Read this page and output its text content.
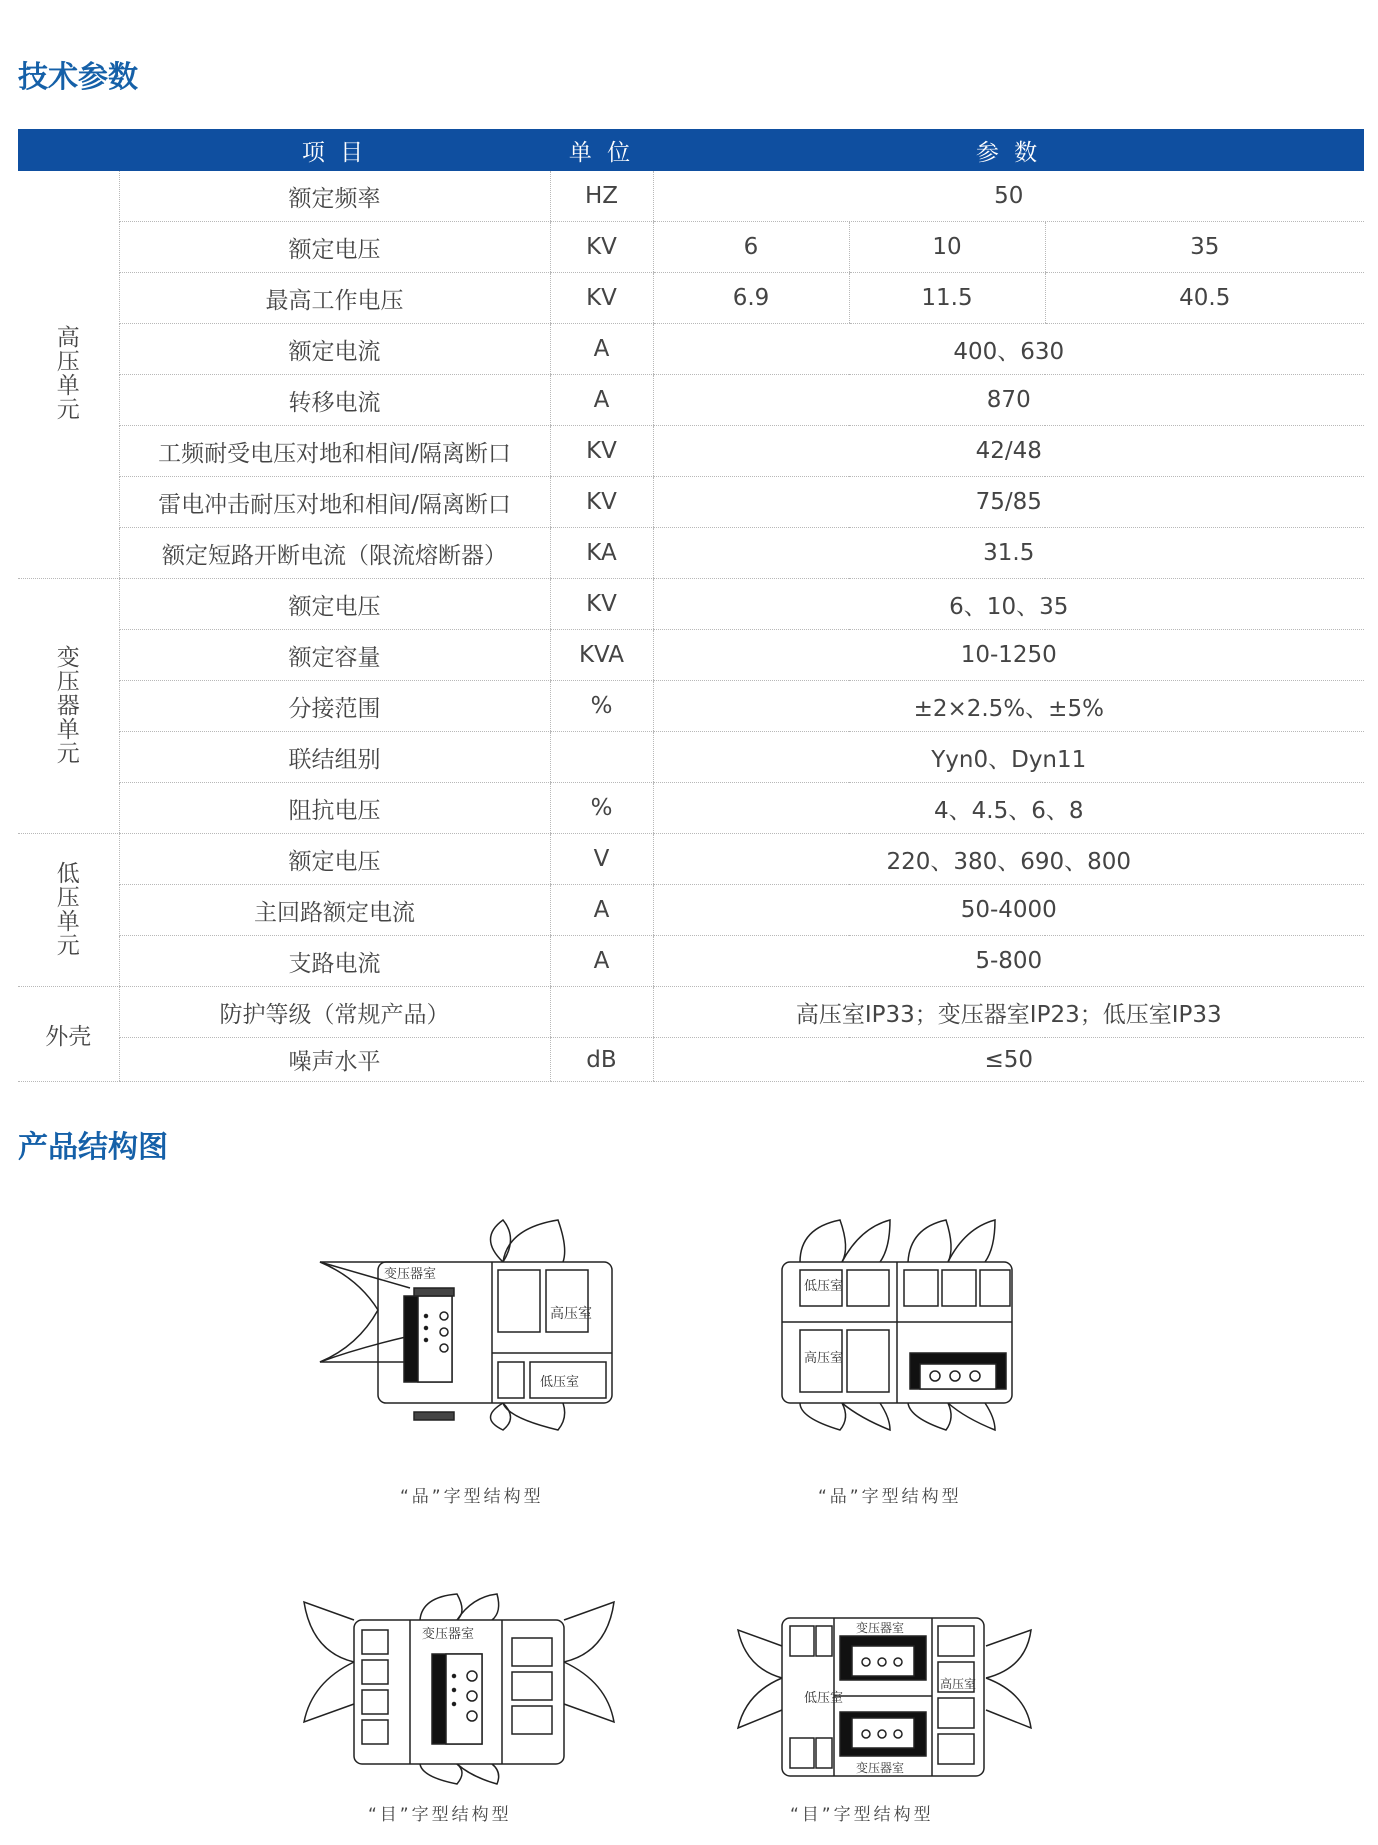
技术参数
	项 目	单 位	参 数		
高压单元	额定频率	HZ	50		
	额定电压	KV	6	10	35
	最高工作电压	KV	6.9	11.5	40.5
	额定电流	A	400、630		
	转移电流	A	870		
	工频耐受电压对地和相间/隔离断口	KV	42/48		
	雷电冲击耐压对地和相间/隔离断口	KV	75/85		
	额定短路开断电流（限流熔断器）	KA	31.5		
变压器单元	额定电压	KV	6、10、35		
	额定容量	KVA	10-1250		
	分接范围	%	±2×2.5%、±5%		
	联结组别		Yyn0、Dyn11		
	阻抗电压	%	4、4.5、6、8		
低压单元	额定电压	V	220、380、690、800		
	主回路额定电流	A	50-4000		
	支路电流	A	5-800		
外壳	防护等级（常规产品）		高压室IP33；变压器室IP23；低压室IP33		
	噪声水平	dB	≤50		
产品结构图
变压器室
高压室
低压室
“品”字型结构型
低压室
高压室
“品”字型结构型
变压器室
“目”字型结构型
变压器室
变压器室
低压室
高压室
“目”字型结构型
